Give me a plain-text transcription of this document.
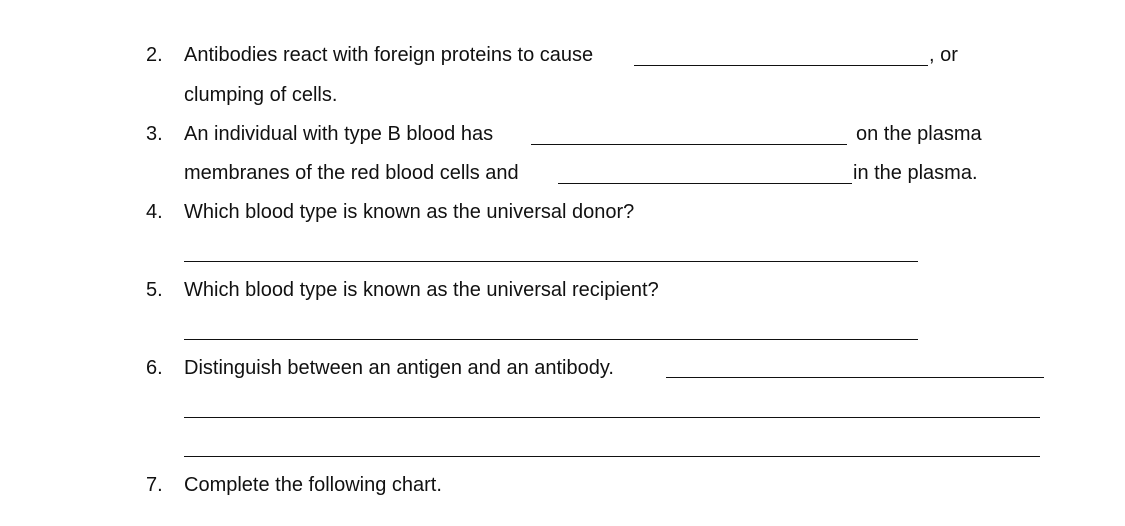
2. Antibodies react with foreign proteins to cause	, or
clumping of cells.
3. An individual with type B blood has	on the plasma
membranes of the red blood cells and	in the plasma.
4. Which blood type is known as the universal donor?
5. Which blood type is known as the universal recipient?
6. Distinguish between an antigen and an antibody.
7. Complete the following chart.
